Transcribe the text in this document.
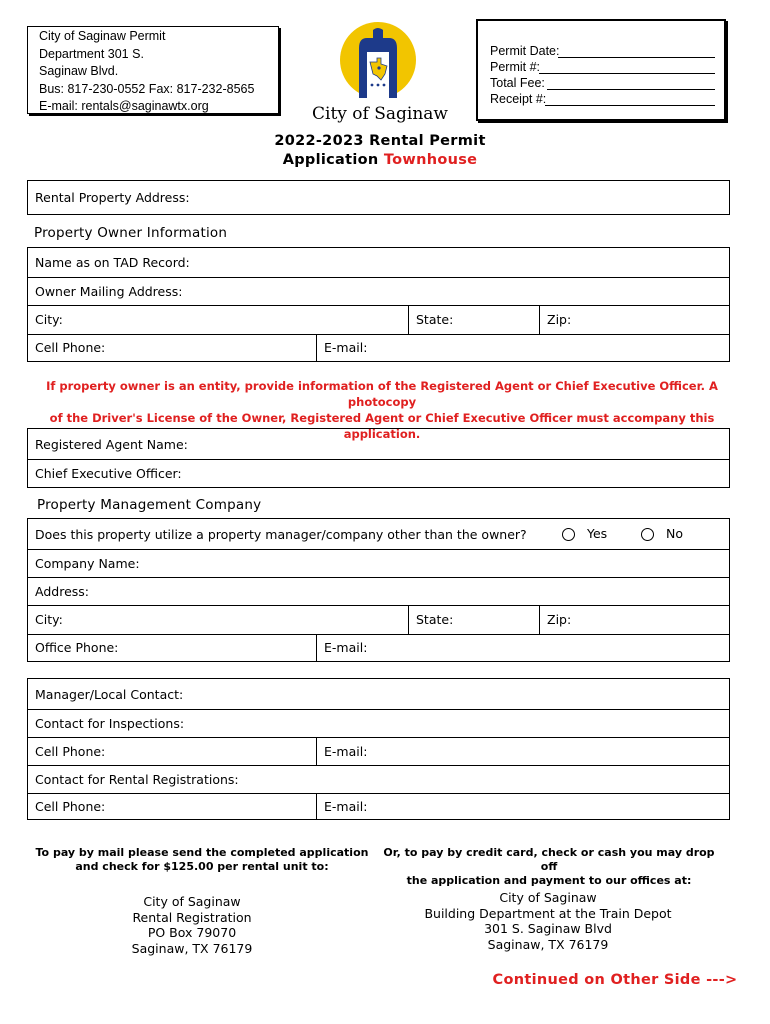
City of Saginaw Permit
Department 301 S.
Saginaw Blvd.
Bus: 817-230-0552 Fax: 817-232-8565
E-mail: rentals@saginawtx.org	City of Saginaw
Permit Date:
Permit #:
Total Fee:
Receipt #:
2022-2023 Rental Permit
Application Townhouse
Rental Property Address:
Property Owner Information
Name as on TAD Record:
Owner Mailing Address:
City:	State:	Zip:
Cell Phone:	E-mail:
If property owner is an entity, provide information of the Registered Agent or Chief Executive Officer. A photocopy
of the Driver's License of the Owner, Registered Agent or Chief Executive Officer must accompany this application.
Registered Agent Name:
Chief Executive Officer:
Property Management Company
Does this property utilize a property manager/company other than the owner?	Yes	No
Company Name:
Address:
City:	State:	Zip:
Office Phone:	E-mail:
Manager/Local Contact:
Contact for Inspections:
Cell Phone:	E-mail:
Contact for Rental Registrations:
Cell Phone:	E-mail:
To pay by mail please send the completed application
and check for $125.00 per rental unit to:
Or, to pay by credit card, check or cash you may drop off
the application and payment to our offices at:
City of Saginaw
Rental Registration
PO Box 79070
Saginaw, TX 76179
City of Saginaw
Building Department at the Train Depot
301 S. Saginaw Blvd
Saginaw, TX 76179
Continued on Other Side --->
